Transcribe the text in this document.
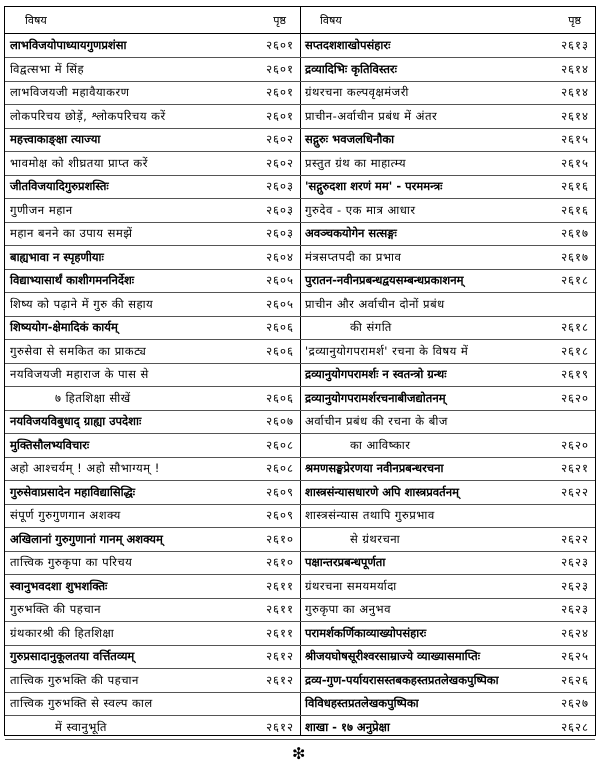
विषय	पृष्ठ
लाभविजयोपाध्यायगुणप्रशंसा	२६०१
विद्वत्सभा में सिंह	२६०१
लाभविजयजी महावैयाकरण	२६०१
लोकपरिचय छोड़ें, श्लोकपरिचय करें	२६०१
महत्त्वाकाङ्क्षा त्याज्या	२६०२
भावमोक्ष को शीघ्रतया प्राप्त करें	२६०२
जीतविजयादिगुरुप्रशस्तिः	२६०३
गुणीजन महान	२६०३
महान बनने का उपाय समझें	२६०३
बाह्यभावा न स्पृहणीयाः	२६०४
विद्याभ्यासार्थं काशीगमननिर्देशः	२६०५
शिष्य को पढ़ाने में गुरु की सहाय	२६०५
शिष्ययोग-क्षेमादिकं कार्यम्	२६०६
गुरुसेवा से समकित का प्राकट्य	२६०६
नयविजयजी महाराज के पास से
७ हितशिक्षा सीखें	२६०६
नयविजयविबुधाद् ग्राह्या उपदेशाः	२६०७
मुक्तिसौलभ्यविचारः	२६०८
अहो आश्चर्यम् ! अहो सौभाग्यम् !	२६०८
गुरुसेवाप्रसादेन महाविद्यासिद्धिः	२६०९
संपूर्ण गुरुगुणगान अशक्य	२६०९
अखिलानां गुरुगुणानां गानम् अशक्यम्	२६१०
तात्त्विक गुरुकृपा का परिचय	२६१०
स्वानुभवदशा शुभशक्तिः	२६११
गुरुभक्ति की पहचान	२६११
ग्रंथकारश्री की हितशिक्षा	२६११
गुरुप्रसादानुकूलतया वर्त्तितव्यम्	२६१२
तात्त्विक गुरुभक्ति की पहचान	२६१२
तात्त्विक गुरुभक्ति से स्वल्प काल
में स्वानुभूति	२६१२
विषय	पृष्ठ
सप्तदशशाखोपसंहारः	२६१३
द्रव्यादिभिः कृतिविस्तरः	२६१४
ग्रंथरचना कल्पवृक्षमंजरी	२६१४
प्राचीन-अर्वाचीन प्रबंध में अंतर	२६१४
सद्गुरुः भवजलधिनौका	२६१५
प्रस्तुत ग्रंथ का माहात्म्य	२६१५
'सद्गुरुदशा शरणं मम' - परममन्त्रः	२६१६
गुरुदेव - एक मात्र आधार	२६१६
अवञ्चकयोगेन सत्सङ्गः	२६१७
मंत्रसप्तपदी का प्रभाव	२६१७
पुरातन-नवीनप्रबन्धद्वयसम्बन्धप्रकाशनम्	२६१८
प्राचीन और अर्वाचीन दोनों प्रबंध
की संगति	२६१८
'द्रव्यानुयोगपरामर्श' रचना के विषय में	२६१८
द्रव्यानुयोगपरामर्शः न स्वतन्त्रो ग्रन्थः	२६१९
द्रव्यानुयोगपरामर्शरचनाबीजद्योतनम्	२६२०
अर्वाचीन प्रबंध की रचना के बीज
का आविष्कार	२६२०
श्रमणसङ्घप्रेरणया नवीनप्रबन्धरचना	२६२१
शास्त्रसंन्यासधारणे अपि शास्त्रप्रवर्तनम्	२६२२
शास्त्रसंन्यास तथापि गुरुप्रभाव
से ग्रंथरचना	२६२२
पक्षान्तरप्रबन्धपूर्णता	२६२३
ग्रंथरचना समयमर्यादा	२६२३
गुरुकृपा का अनुभव	२६२३
परामर्शकर्णिकाव्याख्योपसंहारः	२६२४
श्रीजयघोषसूरीश्वरसाम्राज्ये व्याख्यासमाप्तिः	२६२५
द्रव्य-गुण-पर्यायरासस्तबकहस्तप्रतलेखकपुष्पिका	२६२६
विविधहस्तप्रतलेखकपुष्पिका	२६२७
शाखा - १७ अनुप्रेक्षा	२६२८
❇
